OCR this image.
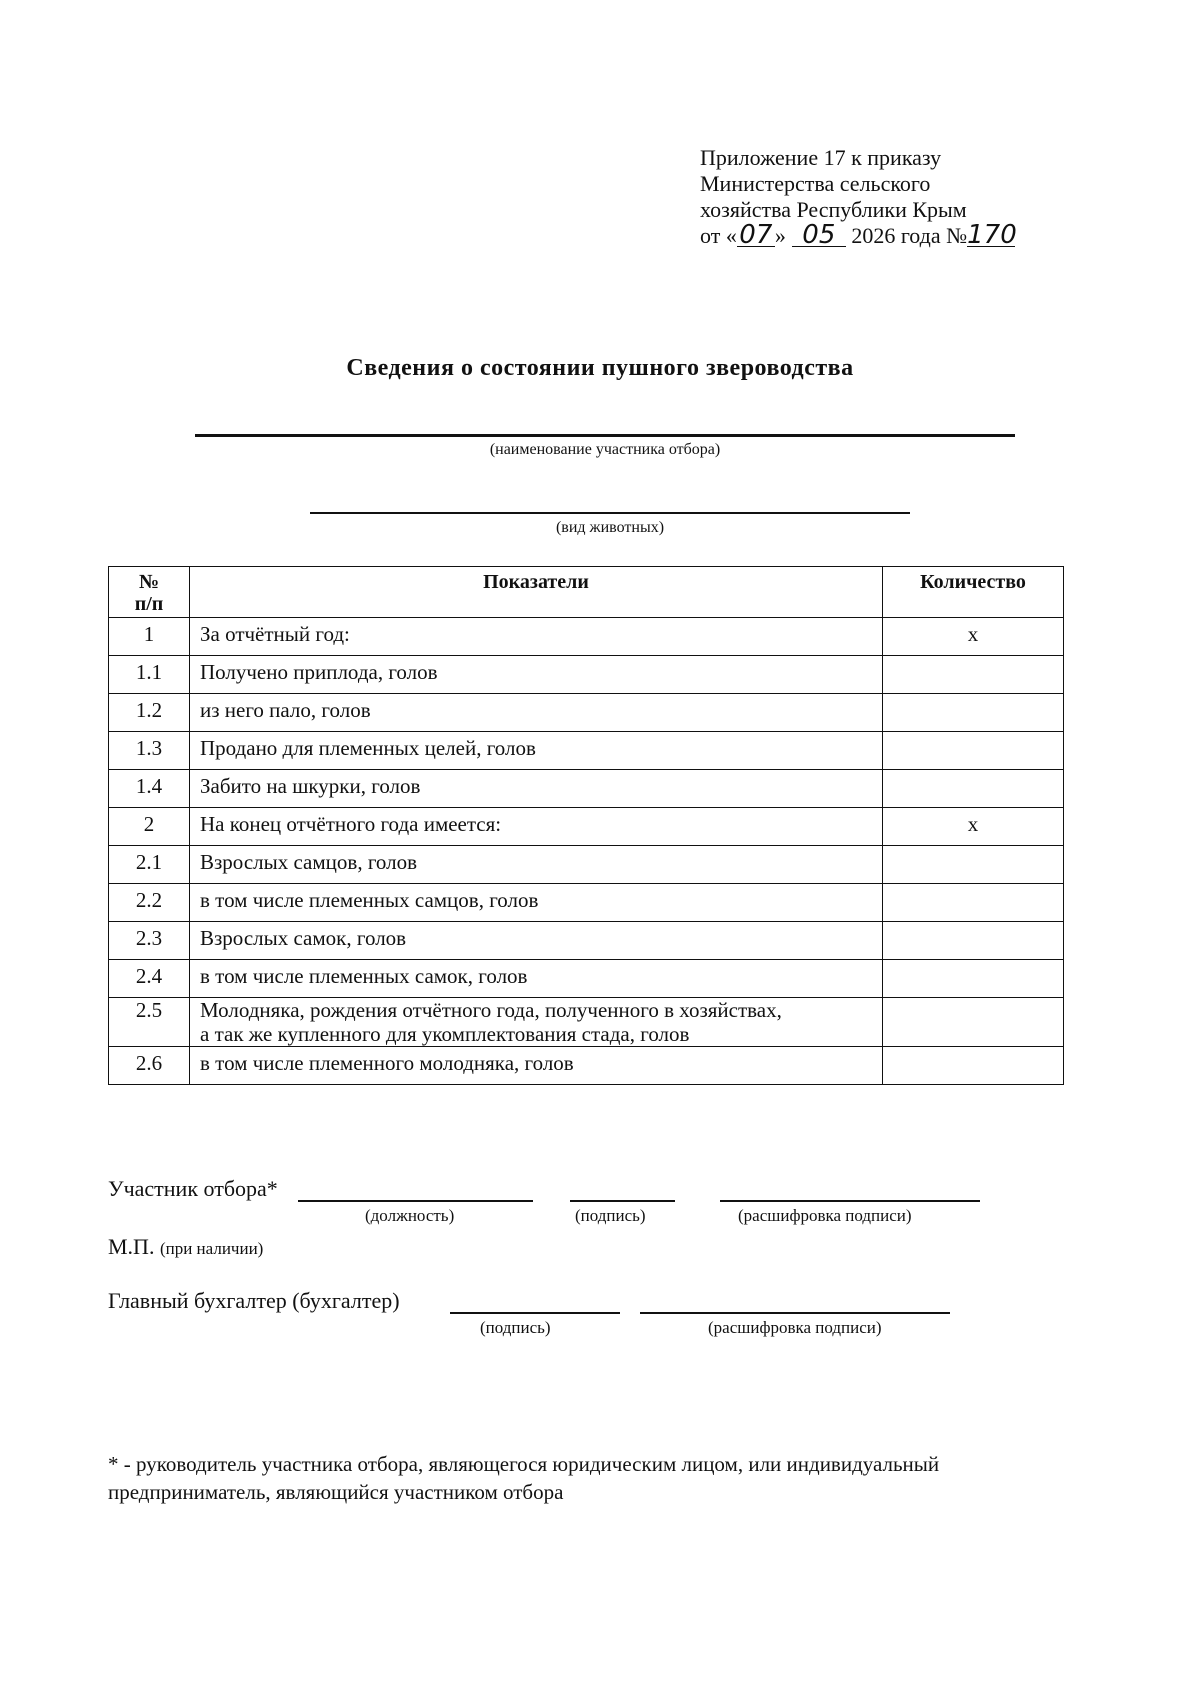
Приложение 17 к приказу
Министерства сельского
хозяйства Республики Крым
от «07 » 05 2026 года №170
Сведения о состоянии пушного звероводства
(наименование участника отбора)
(вид животных)
№
п/п	Показатели	Количество
1	За отчётный год:	х
1.1	Получено приплода, голов	
1.2	из него пало, голов	
1.3	Продано для племенных целей, голов	
1.4	Забито на шкурки, голов	
2	На конец отчётного года имеется:	х
2.1	Взрослых самцов, голов	
2.2	в том числе племенных самцов, голов	
2.3	Взрослых самок, голов	
2.4	в том числе племенных самок, голов	
2.5	Молодняка, рождения отчётного года, полученного в хозяйствах,
а так же купленного для укомплектования стада, голов	

2.6	в том числе племенного молодняка, голов	
Участник отбора*
(должность)	(подпись)	(расшифровка подписи)
М.П. (при наличии)
Главный бухгалтер (бухгалтер)
(подпись)	(расшифровка подписи)
* - руководитель участника отбора, являющегося юридическим лицом, или индивидуальный
предприниматель, являющийся участником отбора
